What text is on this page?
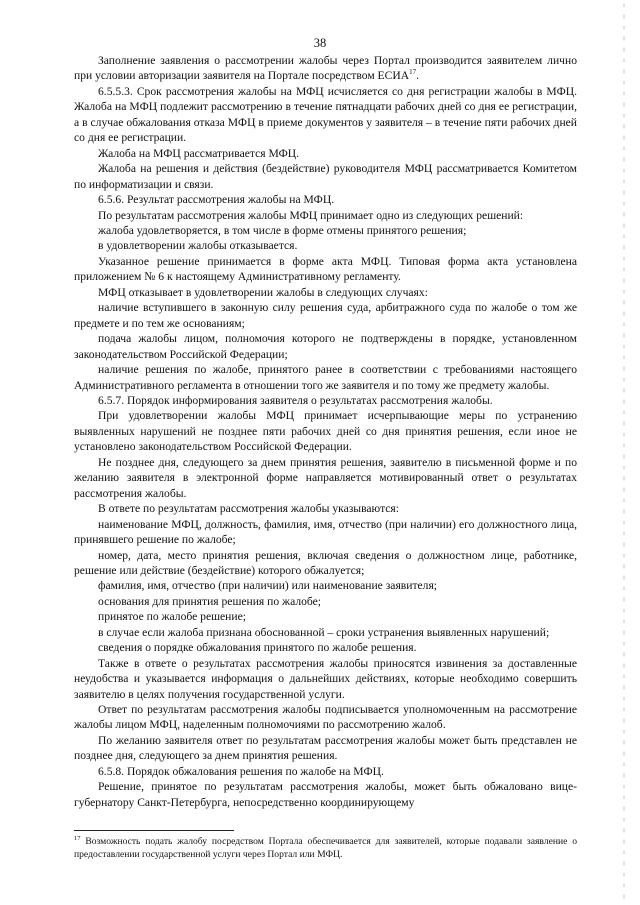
38

Заполнение заявления о рассмотрении жалобы через Портал производится заявителем лично при условии авторизации заявителя на Портале посредством ЕСИА$^{17}$.

6.5.5.3. Срок рассмотрения жалобы на МФЦ исчисляется со дня регистрации жалобы в МФЦ. Жалоба на МФЦ подлежит рассмотрению в течение пятнадцати рабочих дней со дня ее регистрации, а в случае обжалования отказа МФЦ в приеме документов у заявителя – в течение пяти рабочих дней со дня ее регистрации.

Жалоба на МФЦ рассматривается МФЦ.

Жалоба на решения и действия (бездействие) руководителя МФЦ рассматривается Комитетом по информатизации и связи.

6.5.6. Результат рассмотрения жалобы на МФЦ.

По результатам рассмотрения жалобы МФЦ принимает одно из следующих решений:

жалоба удовлетворяется, в том числе в форме отмены принятого решения;

в удовлетворении жалобы отказывается.

Указанное решение принимается в форме акта МФЦ. Типовая форма акта установлена приложением № 6 к настоящему Административному регламенту.

МФЦ отказывает в удовлетворении жалобы в следующих случаях:

наличие вступившего в законную силу решения суда, арбитражного суда по жалобе о том же предмете и по тем же основаниям;

подача жалобы лицом, полномочия которого не подтверждены в порядке, установленном законодательством Российской Федерации;

наличие решения по жалобе, принятого ранее в соответствии с требованиями настоящего Административного регламента в отношении того же заявителя и по тому же предмету жалобы.

6.5.7. Порядок информирования заявителя о результатах рассмотрения жалобы.

При удовлетворении жалобы МФЦ принимает исчерпывающие меры по устранению выявленных нарушений не позднее пяти рабочих дней со дня принятия решения, если иное не установлено законодательством Российской Федерации.

Не позднее дня, следующего за днем принятия решения, заявителю в письменной форме и по желанию заявителя в электронной форме направляется мотивированный ответ о результатах рассмотрения жалобы.

В ответе по результатам рассмотрения жалобы указываются:

наименование МФЦ, должность, фамилия, имя, отчество (при наличии) его должностного лица, принявшего решение по жалобе;

номер, дата, место принятия решения, включая сведения о должностном лице, работнике, решение или действие (бездействие) которого обжалуется;

фамилия, имя, отчество (при наличии) или наименование заявителя;

основания для принятия решения по жалобе;

принятое по жалобе решение;

в случае если жалоба признана обоснованной – сроки устранения выявленных нарушений;

сведения о порядке обжалования принятого по жалобе решения.

Также в ответе о результатах рассмотрения жалобы приносятся извинения за доставленные неудобства и указывается информация о дальнейших действиях, которые необходимо совершить заявителю в целях получения государственной услуги.

Ответ по результатам рассмотрения жалобы подписывается уполномоченным на рассмотрение жалобы лицом МФЦ, наделенным полномочиями по рассмотрению жалоб.

По желанию заявителя ответ по результатам рассмотрения жалобы может быть представлен не позднее дня, следующего за днем принятия решения.

6.5.8. Порядок обжалования решения по жалобе на МФЦ.

Решение, принятое по результатам рассмотрения жалобы, может быть обжаловано вице-губернатору Санкт-Петербурга, непосредственно координирующему

$^{17}$ Возможность подать жалобу посредством Портала обеспечивается для заявителей, которые подавали заявление о предоставлении государственной услуги через Портал или МФЦ.
